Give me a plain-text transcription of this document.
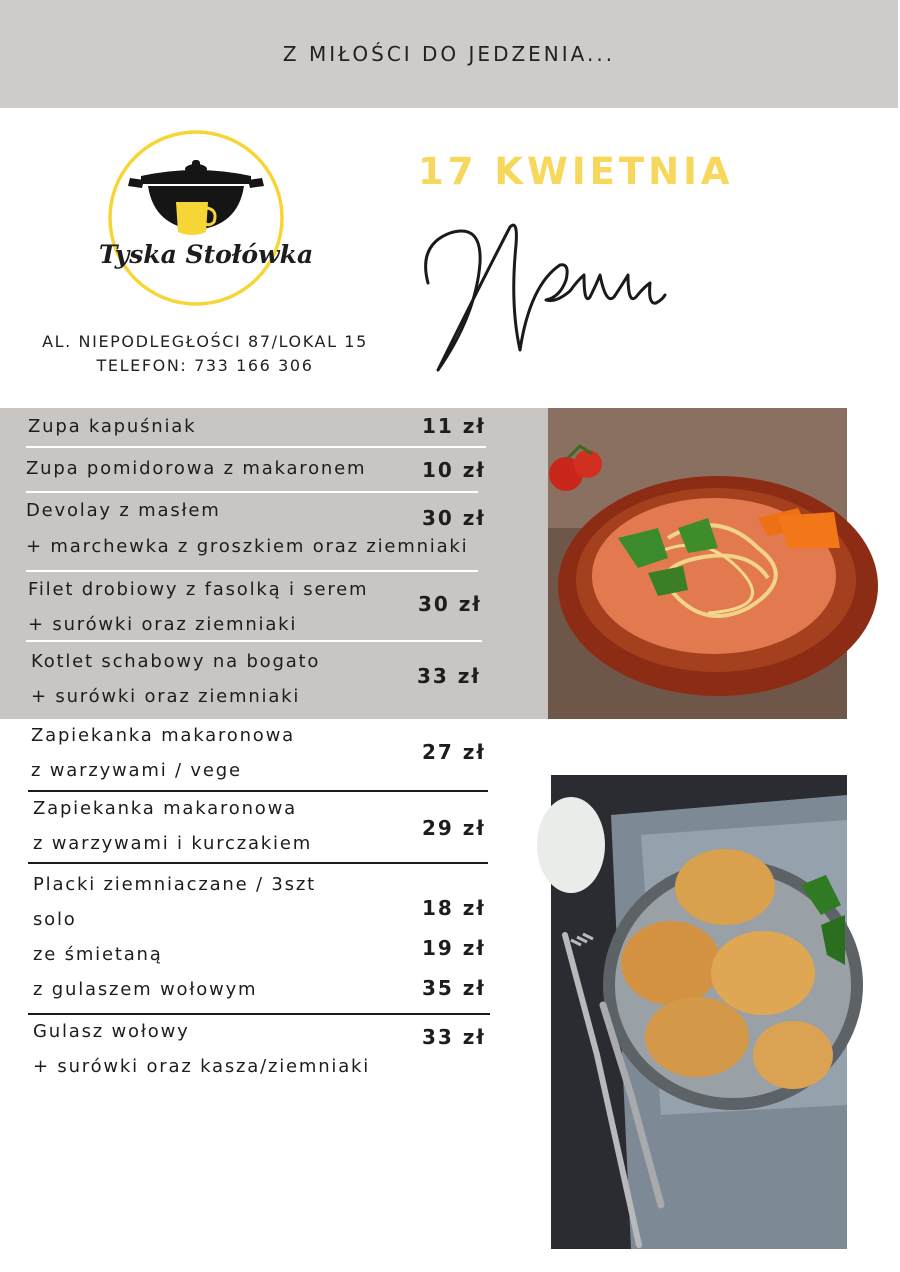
Z MIŁOŚCI DO JEDZENIA...
Tyska Stołówka
AL. NIEPODLEGŁOŚCI 87/LOKAL 15
TELEFON: 733 166 306
17 KWIETNIA
Menu
Zupa kapuśniak	11 zł
Zupa pomidorowa z makaronem	10 zł
Devolay z masłem
+ marchewka z groszkiem oraz ziemniaki
30 zł
Filet drobiowy z fasolką i serem
+ surówki oraz ziemniaki
30 zł
Kotlet schabowy na bogato
+ surówki oraz ziemniaki
33 zł
Zapiekanka makaronowa
z warzywami / vege
27 zł
Zapiekanka makaronowa
z warzywami i kurczakiem
29 zł
Placki ziemniaczane / 3szt
solo
ze śmietaną
z gulaszem wołowym
18 zł
19 zł
35 zł
Gulasz wołowy
+ surówki oraz kasza/ziemniaki
33 zł
